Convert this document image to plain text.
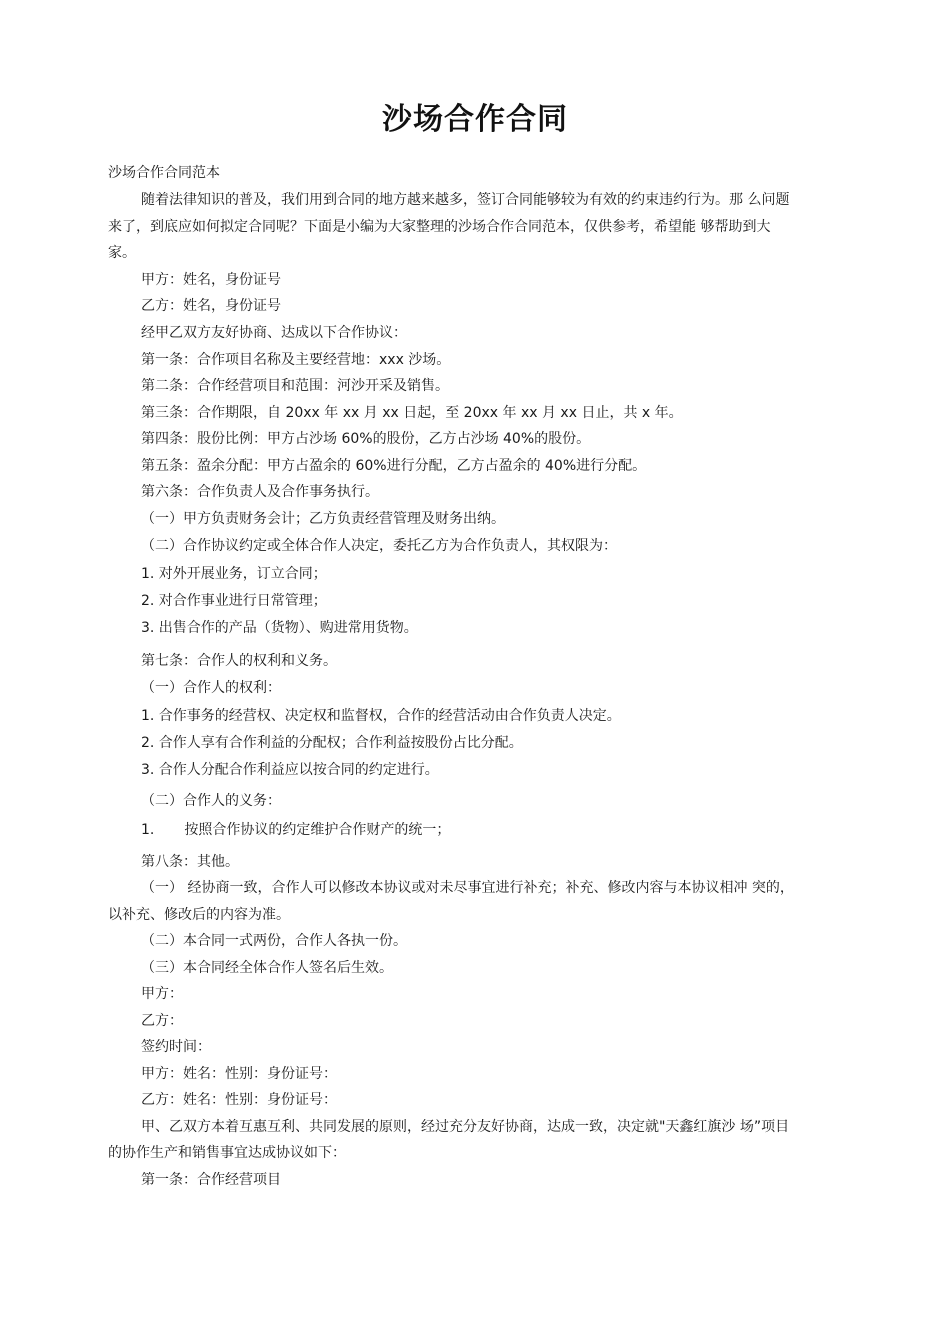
沙场合作合同
沙场合作合同范本
随着法律知识的普及，我们用到合同的地方越来越多，签订合同能够较为有效的约束违约行为。那 么问题
来了，到底应如何拟定合同呢？下面是小编为大家整理的沙场合作合同范本，仅供参考，希望能 够帮助到大
家。
甲方：姓名，身份证号
乙方：姓名，身份证号
经甲乙双方友好协商、达成以下合作协议：
第一条：合作项目名称及主要经营地：xxx 沙场。
第二条：合作经营项目和范围：河沙开采及销售。
第三条：合作期限，自 20xx 年 xx 月 xx 日起，至 20xx 年 xx 月 xx 日止，共 x 年。
第四条：股份比例：甲方占沙场 60%的股份，乙方占沙场 40%的股份。
第五条：盈余分配：甲方占盈余的 60%进行分配，乙方占盈余的 40%进行分配。
第六条：合作负责人及合作事务执行。
（一）甲方负责财务会计；乙方负责经营管理及财务出纳。
（二）合作协议约定或全体合作人决定，委托乙方为合作负责人，其权限为：
1. 对外开展业务，订立合同；
2. 对合作事业进行日常管理；
3. 出售合作的产品（货物）、购进常用货物。
第七条：合作人的权利和义务。
（一）合作人的权利：
1. 合作事务的经营权、决定权和监督权，合作的经营活动由合作负责人决定。
2. 合作人享有合作利益的分配权；合作利益按股份占比分配。
3. 合作人分配合作利益应以按合同的约定进行。
（二）合作人的义务：
1. 按照合作协议的约定维护合作财产的统一；
第八条：其他。
（一） 经协商一致，合作人可以修改本协议或对未尽事宜进行补充；补充、修改内容与本协议相冲 突的，
以补充、修改后的内容为准。
（二）本合同一式两份，合作人各执一份。
（三）本合同经全体合作人签名后生效。
甲方：
乙方：
签约时间：
甲方：姓名：性别：身份证号：
乙方：姓名：性别：身份证号：
甲、乙双方本着互惠互利、共同发展的原则，经过充分友好协商，达成一致，决定就"天鑫红旗沙 场”项目
的协作生产和销售事宜达成协议如下：
第一条：合作经营项目
